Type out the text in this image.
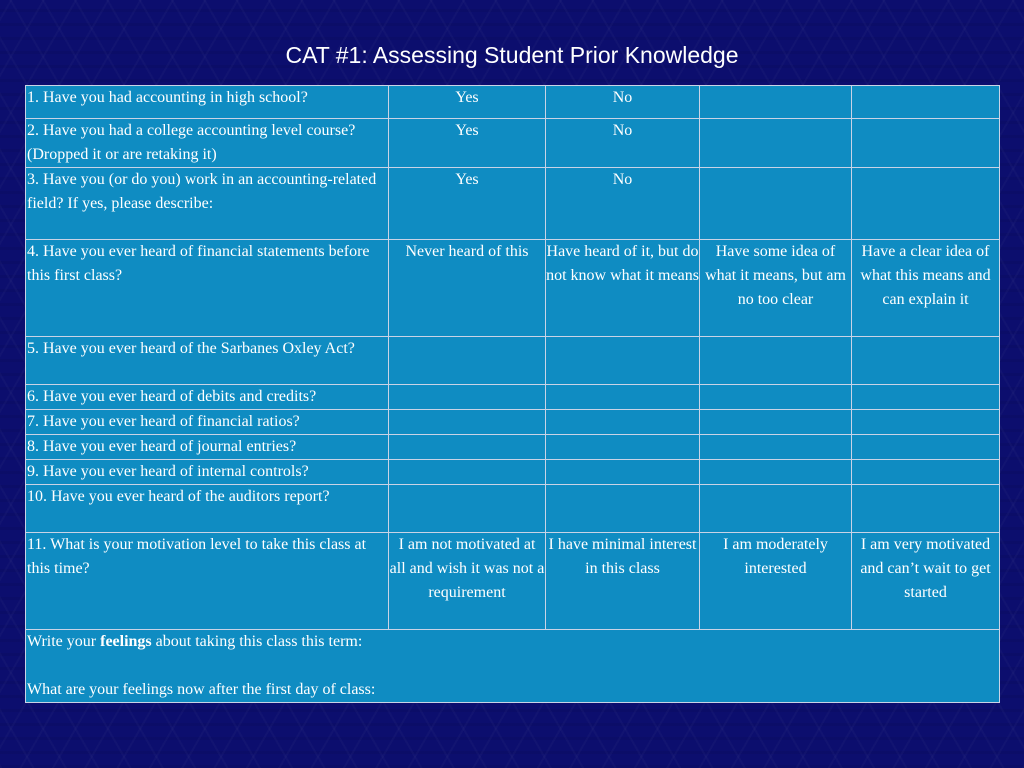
CAT #1: Assessing Student Prior Knowledge
1. Have you had accounting in high school?	Yes	No		
2. Have you had a college accounting level course? (Dropped it or are retaking it)	Yes	No		
3. Have you (or do you) work in an accounting-related field? If yes, please describe:	Yes	No		
4. Have you ever heard of financial statements before this first class?	Never heard of this	Have heard of it, but do not know what it means	Have some idea of what it means, but am no too clear	Have a clear idea of what this means and can explain it
5. Have you ever heard of the Sarbanes Oxley Act?				
6. Have you ever heard of debits and credits?				
7. Have you ever heard of financial ratios?				
8. Have you ever heard of journal entries?				
9. Have you ever heard of internal controls?				
10. Have you ever heard of the auditors report?				
11. What is your motivation level to take this class at this time?	I am not motivated at all and wish it was not a requirement	I have minimal interest in this class	I am moderately interested	I am very motivated and can’t wait to get started

Write your feelings about taking this class this term:
What are your feelings now after the first day of class:				
